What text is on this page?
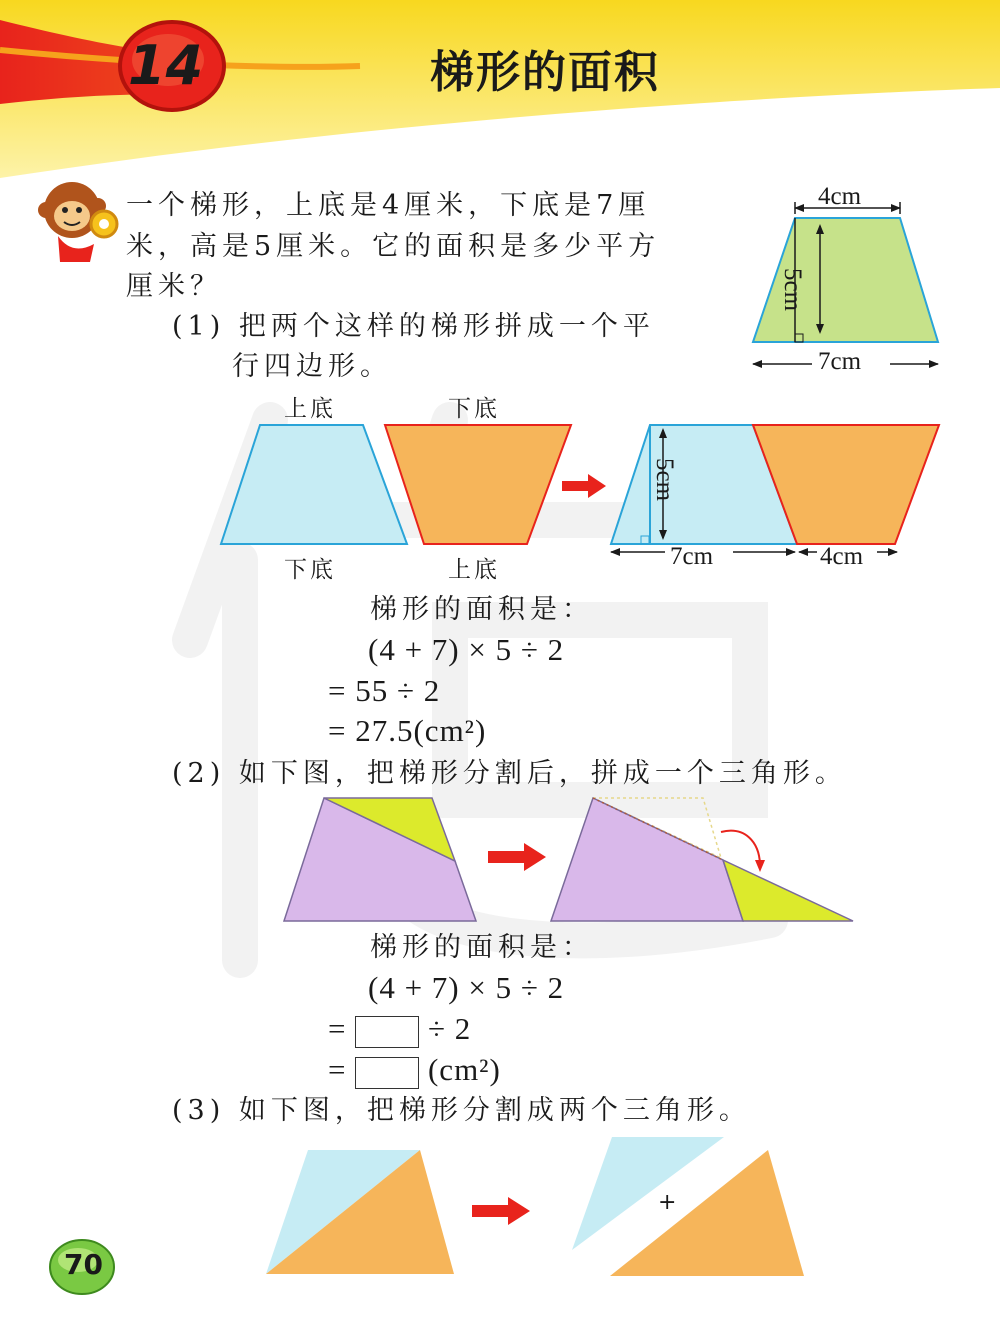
14	梯形的面积
一个梯形，上底是4厘米，下底是7厘
米，高是5厘米。它的面积是多少平方
厘米？
4cm
5cm
7cm
(1) 把两个这样的梯形拼成一个平
行四边形。
上底	下底
下底	上底
5cm
7cm	4cm
梯形的面积是：
(4 + 7) × 5 ÷ 2
= 55 ÷ 2
= 27.5(cm²)
(2) 如下图，把梯形分割后，拼成一个三角形。
梯形的面积是：
(4 + 7) × 5 ÷ 2
=	÷ 2
=	(cm²)
(3) 如下图，把梯形分割成两个三角形。
+
70
